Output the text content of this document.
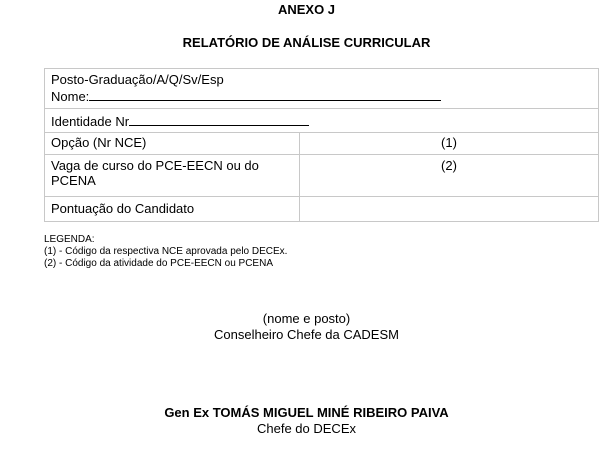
ANEXO J
RELATÓRIO DE ANÁLISE CURRICULAR
Posto-Graduação/A/Q/Sv/Esp
Nome:	

Identidade Nr	
Opção (Nr NCE)	(1)
Vaga de curso do PCE-EECN ou do PCENA	(2)
Pontuação do Candidato	
LEGENDA:
(1) - Código da respectiva NCE aprovada pelo DECEx.
(2) - Código da atividade do PCE-EECN ou PCENA
(nome e posto)
Conselheiro Chefe da CADESM
Gen Ex TOMÁS MIGUEL MINÉ RIBEIRO PAIVA
Chefe do DECEx
